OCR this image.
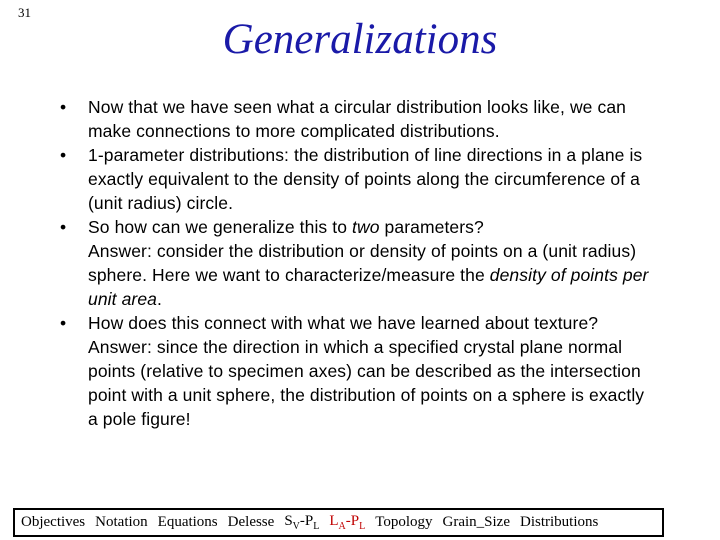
31
Generalizations
• Now that we have seen what a circular distribution looks like, we can make connections to more complicated distributions.
• 1-parameter distributions: the distribution of line directions in a plane is exactly equivalent to the density of points along the circumference of a (unit radius) circle.
• So how can we generalize this to two parameters?
Answer: consider the distribution or density of points on a (unit radius) sphere. Here we want to characterize/measure the density of points per unit area.
• How does this connect with what we have learned about texture?
Answer: since the direction in which a specified crystal plane normal points (relative to specimen axes) can be described as the intersection point with a unit sphere, the distribution of points on a sphere is exactly a pole figure!
Objectives Notation Equations Delesse $S_V-P_L$ $L_A-P_L$ Topology Grain_Size Distributions
